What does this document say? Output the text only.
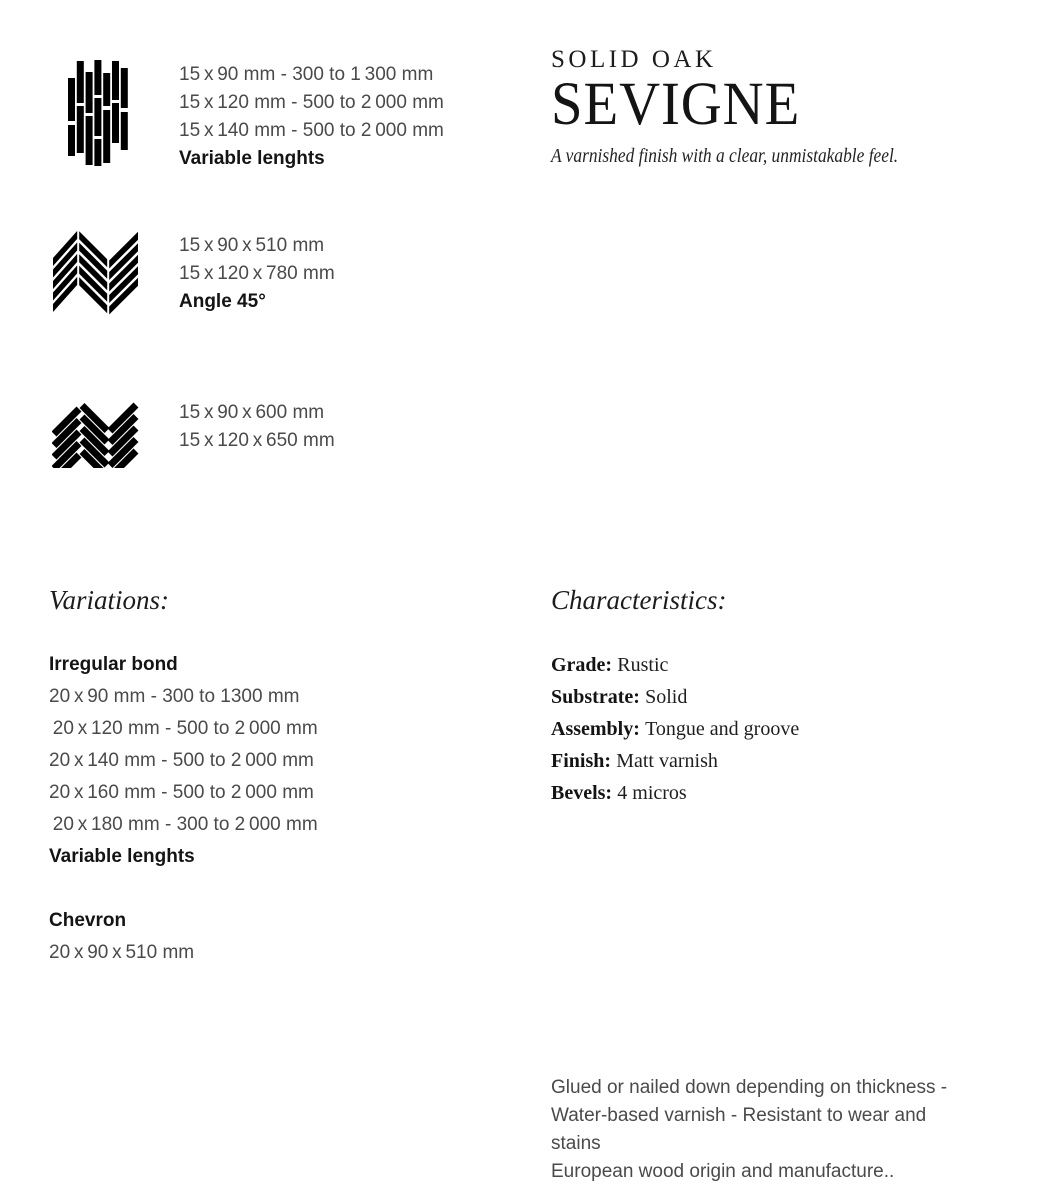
SOLID OAK
SEVIGNE

A varnished finish with a clear, unmistakable feel.

15 x 90 mm - 300 to 1 300 mm
15 x 120 mm - 500 to 2 000 mm
15 x 140 mm - 500 to 2 000 mm
Variable lenghts
15 x 90 x 510 mm
15 x 120 x 780 mm
Angle 45°
15 x 90 x 600 mm
15 x 120 x 650 mm
Variations:
Irregular bond
20 x 90 mm - 300 to 1300 mm
 20 x 120 mm - 500 to 2 000 mm
20 x 140 mm - 500 to 2 000 mm
20 x 160 mm - 500 to 2 000 mm
 20 x 180 mm - 300 to 2 000 mm
Variable lenghts
Chevron
20 x 90 x 510 mm
Characteristics:
Grade: Rustic
Substrate: Solid
Assembly: Tongue and groove
Finish: Matt varnish
Bevels: 4 micros
Glued or nailed down depending on thickness -
Water-based varnish - Resistant to wear and stains
European wood origin and manufacture..
